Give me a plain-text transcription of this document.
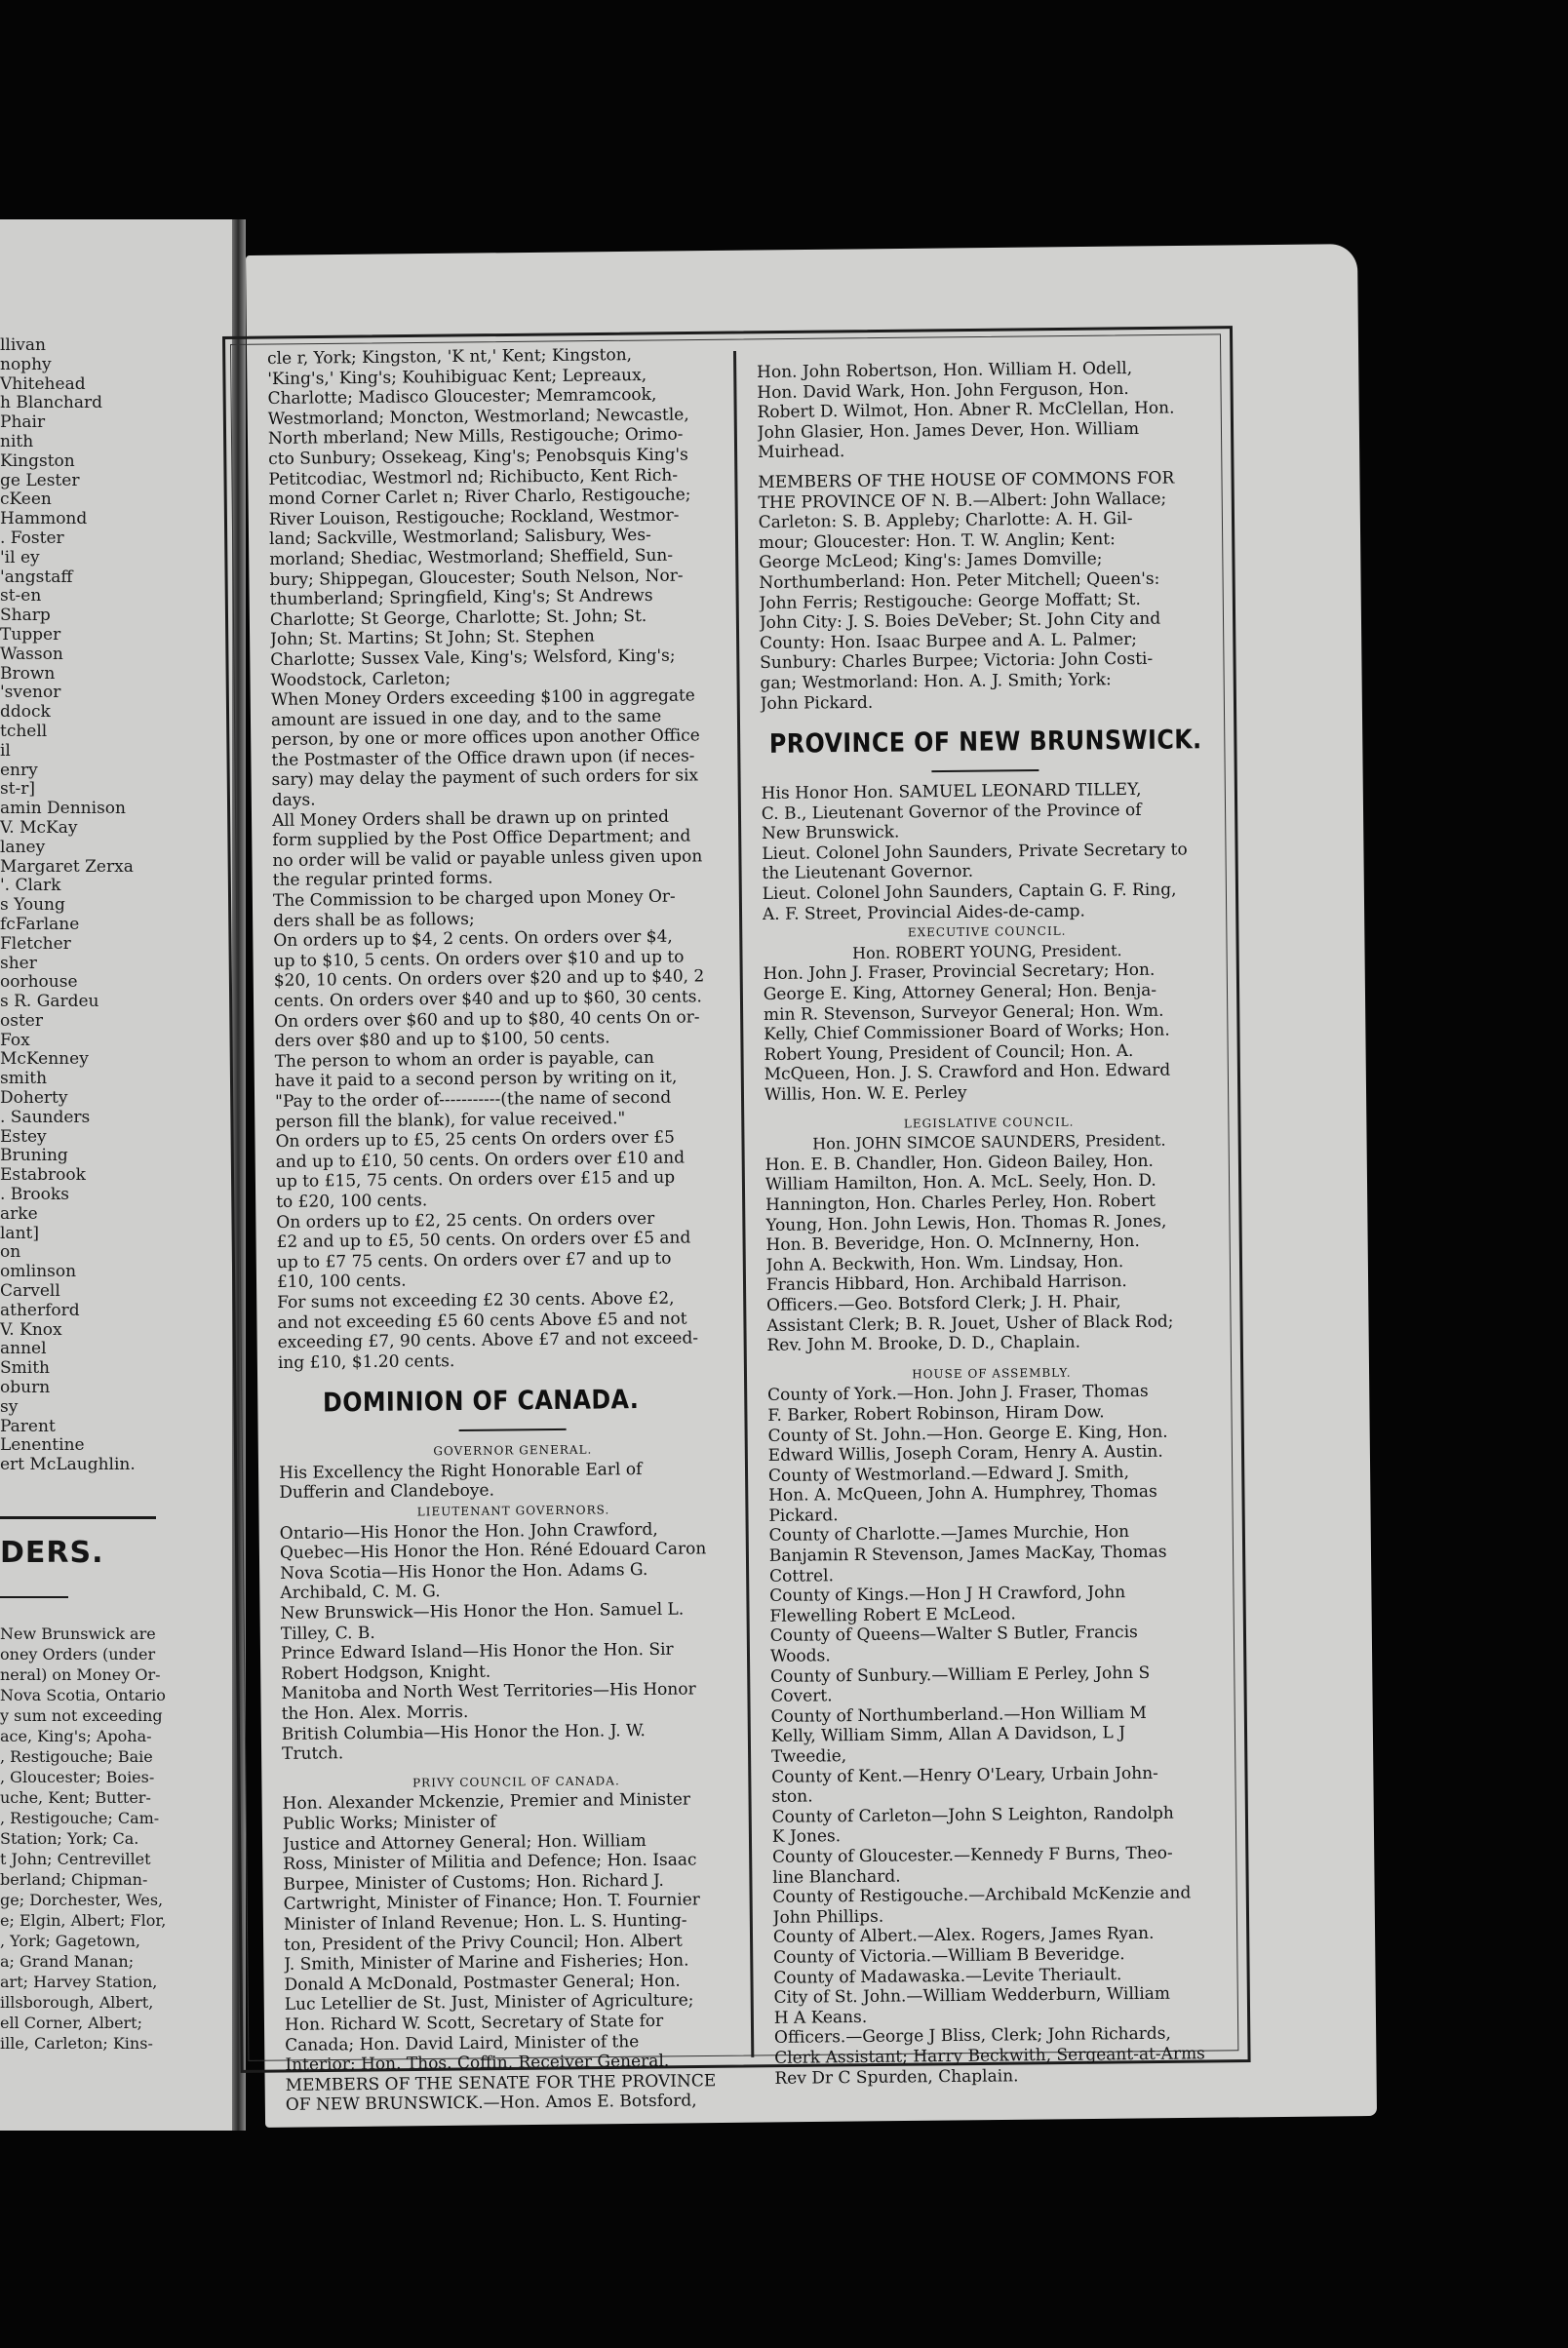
llivan
nophy
Vhitehead
h Blanchard
Phair
nith
Kingston
ge Lester
cKeen
Hammond
. Foster
'il ey
'angstaff
st-en
Sharp
Tupper
Wasson
Brown
'svenor
ddock
tchell
il
enry
st-r]
amin Dennison
V. McKay
laney
Margaret Zerxa
'. Clark
s Young
fcFarlane
Fletcher
sher
oorhouse
s R. Gardeu
oster
Fox
McKenney
smith
Doherty
. Saunders
Estey
Bruning
Estabrook
. Brooks
arke
lant]
on
omlinson
Carvell
atherford
V. Knox
annel
Smith
oburn
sy
Parent
Lenentine
ert McLaughlin.
DERS.
New Brunswick are
oney Orders (under
neral) on Money Or-
Nova Scotia, Ontario
y sum not exceeding
ace, King's; Apoha-
, Restigouche; Baie
, Gloucester; Boies-
uche, Kent; Butter-
, Restigouche; Cam-
Station; York; Ca.
t John; Centrevillet
berland; Chipman-
ge; Dorchester, Wes,
e; Elgin, Albert; Flor,
, York; Gagetown,
a; Grand Manan;
art; Harvey Station,
illsborough, Albert,
ell Corner, Albert;
ille, Carleton; Kins-
cle r, York; Kingston, 'K nt,' Kent; Kingston,
'King's,' King's; Kouhibiguac Kent; Lepreaux,
Charlotte; Madisco Gloucester; Memramcook,
Westmorland; Moncton, Westmorland; Newcastle,
North mberland; New Mills, Restigouche; Orimo-
cto Sunbury; Ossekeag, King's; Penobsquis King's
Petitcodiac, Westmorl nd; Richibucto, Kent Rich-
mond Corner Carlet n; River Charlo, Restigouche;
River Louison, Restigouche; Rockland, Westmor-
land; Sackville, Westmorland; Salisbury, Wes-
morland; Shediac, Westmorland; Sheffield, Sun-
bury; Shippegan, Gloucester; South Nelson, Nor-
thumberland; Springfield, King's; St Andrews
Charlotte; St George, Charlotte; St. John; St.
John; St. Martins; St John; St. Stephen
Charlotte; Sussex Vale, King's; Welsford, King's;
Woodstock, Carleton;
When Money Orders exceeding $100 in aggregate
amount are issued in one day, and to the same
person, by one or more offices upon another Office
the Postmaster of the Office drawn upon (if neces-
sary) may delay the payment of such orders for six
days.
All Money Orders shall be drawn up on printed
form supplied by the Post Office Department; and
no order will be valid or payable unless given upon
the regular printed forms.
The Commission to be charged upon Money Or-
ders shall be as follows;
On orders up to $4, 2 cents. On orders over $4,
up to $10, 5 cents. On orders over $10 and up to
$20, 10 cents. On orders over $20 and up to $40, 2
cents. On orders over $40 and up to $60, 30 cents.
On orders over $60 and up to $80, 40 cents On or-
ders over $80 and up to $100, 50 cents.
The person to whom an order is payable, can
have it paid to a second person by writing on it,
"Pay to the order of-----------(the name of second
person fill the blank), for value received."
On orders up to £5, 25 cents On orders over £5
and up to £10, 50 cents. On orders over £10 and
up to £15, 75 cents. On orders over £15 and up
to £20, 100 cents.
On orders up to £2, 25 cents. On orders over
£2 and up to £5, 50 cents. On orders over £5 and
up to £7 75 cents. On orders over £7 and up to
£10, 100 cents.
For sums not exceeding £2 30 cents. Above £2,
and not exceeding £5 60 cents Above £5 and not
exceeding £7, 90 cents. Above £7 and not exceed-
ing £10, $1.20 cents.
DOMINION OF CANADA.
GOVERNOR GENERAL.
His Excellency the Right Honorable Earl of
Dufferin and Clandeboye.
LIEUTENANT GOVERNORS.
Ontario—His Honor the Hon. John Crawford,
Quebec—His Honor the Hon. Réné Edouard Caron
Nova Scotia—His Honor the Hon. Adams G.
Archibald, C. M. G.
New Brunswick—His Honor the Hon. Samuel L.
Tilley, C. B.
Prince Edward Island—His Honor the Hon. Sir
Robert Hodgson, Knight.
Manitoba and North West Territories—His Honor
the Hon. Alex. Morris.
British Columbia—His Honor the Hon. J. W.
Trutch.
PRIVY COUNCIL OF CANADA.
Hon. Alexander Mckenzie, Premier and Minister
Public Works; Minister of
Justice and Attorney General; Hon. William
Ross, Minister of Militia and Defence; Hon. Isaac
Burpee, Minister of Customs; Hon. Richard J.
Cartwright, Minister of Finance; Hon. T. Fournier
Minister of Inland Revenue; Hon. L. S. Hunting-
ton, President of the Privy Council; Hon. Albert
J. Smith, Minister of Marine and Fisheries; Hon.
Donald A McDonald, Postmaster General; Hon.
Luc Letellier de St. Just, Minister of Agriculture;
Hon. Richard W. Scott, Secretary of State for
Canada; Hon. David Laird, Minister of the
Interior; Hon. Thos. Coffin, Receiver General.
MEMBERS OF THE SENATE FOR THE PROVINCE
OF NEW BRUNSWICK.—Hon. Amos E. Botsford,
Hon. John Robertson, Hon. William H. Odell,
Hon. David Wark, Hon. John Ferguson, Hon.
Robert D. Wilmot, Hon. Abner R. McClellan, Hon.
John Glasier, Hon. James Dever, Hon. William
Muirhead.
MEMBERS OF THE HOUSE OF COMMONS FOR
THE PROVINCE OF N. B.—Albert: John Wallace;
Carleton: S. B. Appleby; Charlotte: A. H. Gil-
mour; Gloucester: Hon. T. W. Anglin; Kent:
George McLeod; King's: James Domville;
Northumberland: Hon. Peter Mitchell; Queen's:
John Ferris; Restigouche: George Moffatt; St.
John City: J. S. Boies DeVeber; St. John City and
County: Hon. Isaac Burpee and A. L. Palmer;
Sunbury: Charles Burpee; Victoria: John Costi-
gan; Westmorland: Hon. A. J. Smith; York:
John Pickard.
PROVINCE OF NEW BRUNSWICK.
His Honor Hon. SAMUEL LEONARD TILLEY,
C. B., Lieutenant Governor of the Province of
New Brunswick.
Lieut. Colonel John Saunders, Private Secretary to
the Lieutenant Governor.
Lieut. Colonel John Saunders, Captain G. F. Ring,
A. F. Street, Provincial Aides-de-camp.
EXECUTIVE COUNCIL.
Hon. ROBERT YOUNG, President.
Hon. John J. Fraser, Provincial Secretary; Hon.
George E. King, Attorney General; Hon. Benja-
min R. Stevenson, Surveyor General; Hon. Wm.
Kelly, Chief Commissioner Board of Works; Hon.
Robert Young, President of Council; Hon. A.
McQueen, Hon. J. S. Crawford and Hon. Edward
Willis, Hon. W. E. Perley
LEGISLATIVE COUNCIL.
Hon. JOHN SIMCOE SAUNDERS, President.
Hon. E. B. Chandler, Hon. Gideon Bailey, Hon.
William Hamilton, Hon. A. McL. Seely, Hon. D.
Hannington, Hon. Charles Perley, Hon. Robert
Young, Hon. John Lewis, Hon. Thomas R. Jones,
Hon. B. Beveridge, Hon. O. McInnerny, Hon.
John A. Beckwith, Hon. Wm. Lindsay, Hon.
Francis Hibbard, Hon. Archibald Harrison.
Officers.—Geo. Botsford Clerk; J. H. Phair,
Assistant Clerk; B. R. Jouet, Usher of Black Rod;
Rev. John M. Brooke, D. D., Chaplain.
HOUSE OF ASSEMBLY.
County of York.—Hon. John J. Fraser, Thomas
F. Barker, Robert Robinson, Hiram Dow.
County of St. John.—Hon. George E. King, Hon.
Edward Willis, Joseph Coram, Henry A. Austin.
County of Westmorland.—Edward J. Smith,
Hon. A. McQueen, John A. Humphrey, Thomas
Pickard.
County of Charlotte.—James Murchie, Hon
Banjamin R Stevenson, James MacKay, Thomas
Cottrel.
County of Kings.—Hon J H Crawford, John
Flewelling Robert E McLeod.
County of Queens—Walter S Butler, Francis
Woods.
County of Sunbury.—William E Perley, John S
Covert.
County of Northumberland.—Hon William M
Kelly, William Simm, Allan A Davidson, L J
Tweedie,
County of Kent.—Henry O'Leary, Urbain John-
ston.
County of Carleton—John S Leighton, Randolph
K Jones.
County of Gloucester.—Kennedy F Burns, Theo-
line Blanchard.
County of Restigouche.—Archibald McKenzie and
John Phillips.
County of Albert.—Alex. Rogers, James Ryan.
County of Victoria.—William B Beveridge.
County of Madawaska.—Levite Theriault.
City of St. John.—William Wedderburn, William
H A Keans.
Officers.—George J Bliss, Clerk; John Richards,
Clerk Assistant; Harry Beckwith, Sergeant-at-Arms
Rev Dr C Spurden, Chaplain.
